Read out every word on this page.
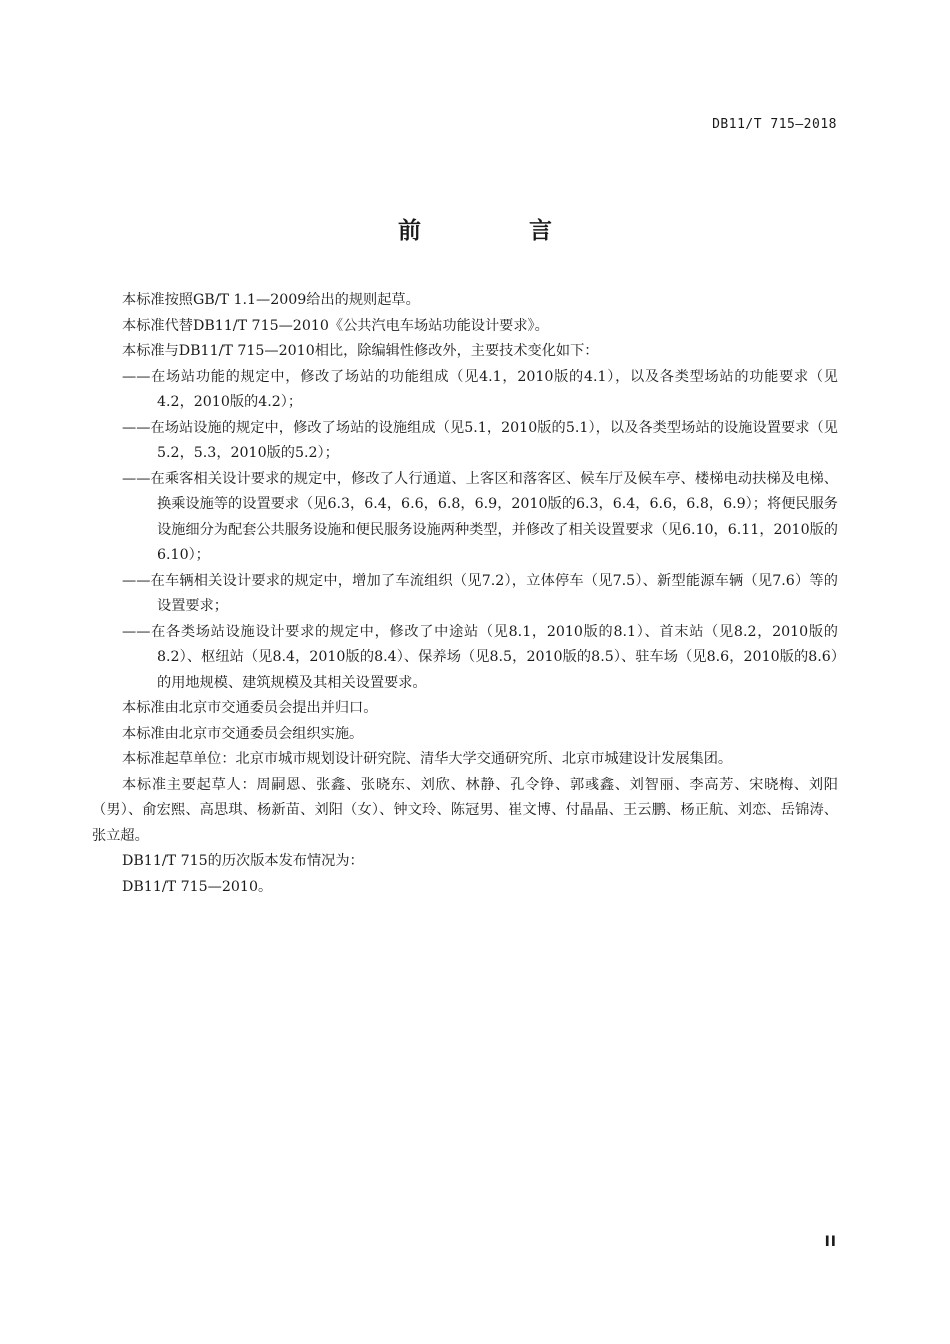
DB11/T 715—2018
前 言

本标准按照GB/T 1.1—2009给出的规则起草。

本标准代替DB11/T 715—2010《公共汽电车场站功能设计要求》。

本标准与DB11/T 715—2010相比，除编辑性修改外，主要技术变化如下：

——在场站功能的规定中，修改了场站的功能组成（见4.1，2010版的4.1），以及各类型场站的功能要求（见4.2，2010版的4.2）；

——在场站设施的规定中，修改了场站的设施组成（见5.1，2010版的5.1），以及各类型场站的设施设置要求（见5.2，5.3，2010版的5.2）；

——在乘客相关设计要求的规定中，修改了人行通道、上客区和落客区、候车厅及候车亭、楼梯电动扶梯及电梯、换乘设施等的设置要求（见6.3，6.4，6.6，6.8，6.9，2010版的6.3，6.4，6.6，6.8，6.9）；将便民服务设施细分为配套公共服务设施和便民服务设施两种类型，并修改了相关设置要求（见6.10，6.11，2010版的6.10）；

——在车辆相关设计要求的规定中，增加了车流组织（见7.2），立体停车（见7.5）、新型能源车辆（见7.6）等的设置要求；

——在各类场站设施设计要求的规定中，修改了中途站（见8.1，2010版的8.1）、首末站（见8.2，2010版的8.2）、枢纽站（见8.4，2010版的8.4）、保养场（见8.5，2010版的8.5）、驻车场（见8.6，2010版的8.6）的用地规模、建筑规模及其相关设置要求。

本标准由北京市交通委员会提出并归口。

本标准由北京市交通委员会组织实施。

本标准起草单位：北京市城市规划设计研究院、清华大学交通研究所、北京市城建设计发展集团。

本标准主要起草人：周嗣恩、张鑫、张晓东、刘欣、林静、孔令铮、郭彧鑫、刘智丽、李高芳、宋晓梅、刘阳（男）、俞宏熙、高思琪、杨新苗、刘阳（女）、钟文玲、陈冠男、崔文博、付晶晶、王云鹏、杨正航、刘恋、岳锦涛、张立超。

DB11/T 715的历次版本发布情况为：

DB11/T 715—2010。

II
